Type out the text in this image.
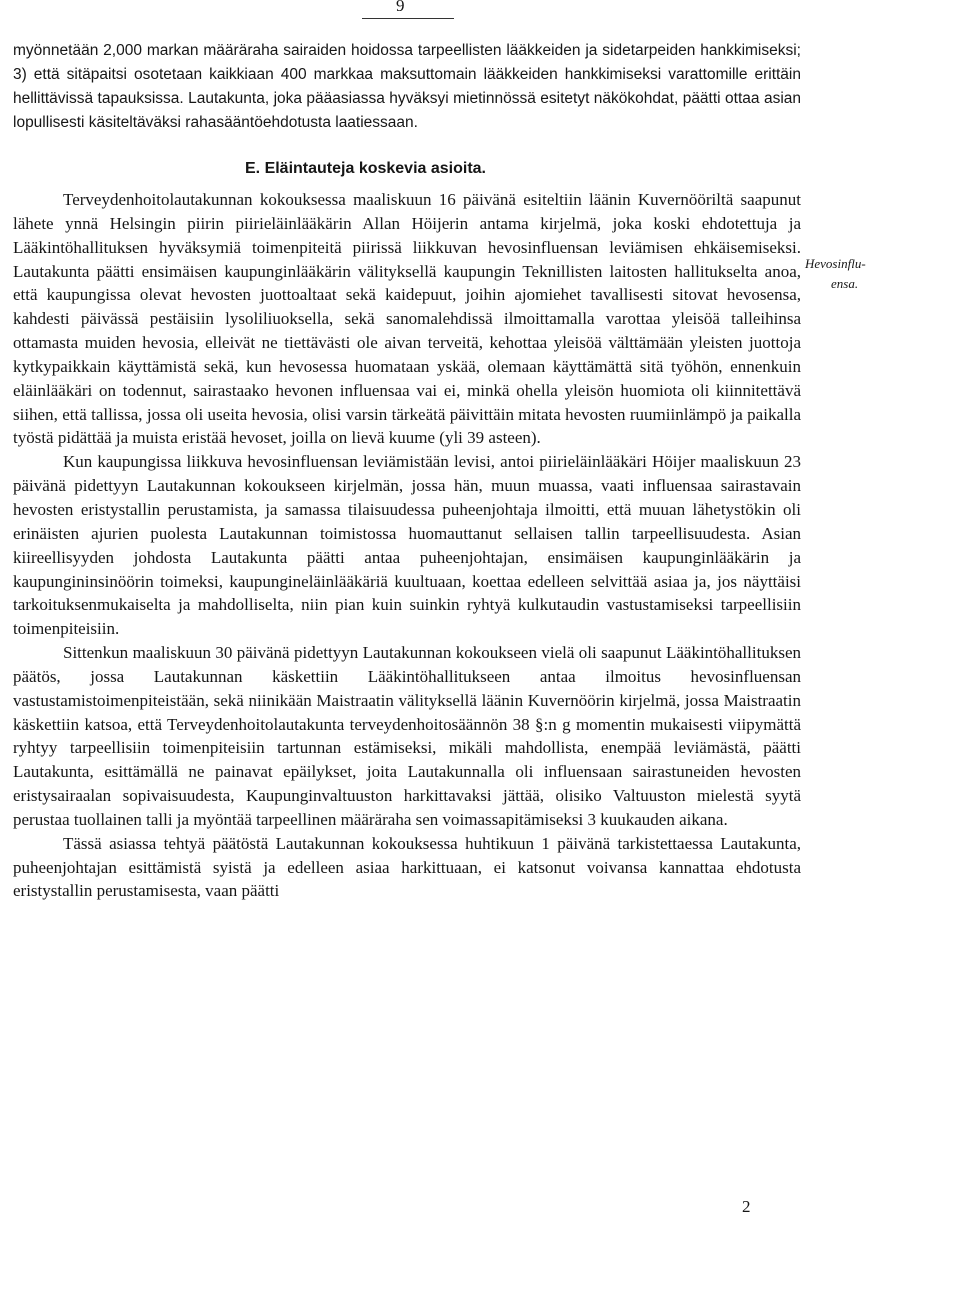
9

myönnetään 2,000 markan määräraha sairaiden hoidossa tarpeellisten lääkkeiden ja sidetarpeiden hankkimiseksi; 3) että sitäpaitsi osotetaan kaikkiaan 400 markkaa maksuttomain lääkkeiden hankkimiseksi varattomille erittäin hellittävissä tapauksissa. Lautakunta, joka pääasiassa hyväksyi mietinnössä esitetyt näkökohdat, päätti ottaa asian lopullisesti käsiteltäväksi rahasääntöehdotusta laatiessaan.

E. Eläintauteja koskevia asioita.

Terveydenhoitolautakunnan kokouksessa maaliskuun 16 päivänä esiteltiin läänin Kuvernööriltä saapunut lähete ynnä Helsingin piirin piirieläinlääkärin Allan Höijerin antama kirjelmä, joka koski ehdotettuja ja Lääkintöhallituksen hyväksymiä toimenpiteitä piirissä liikkuvan hevosinfluensan leviämisen ehkäisemiseksi. Lautakunta päätti ensimäisen kaupunginlääkärin välityksellä kaupungin Teknillisten laitosten hallitukselta anoa, että kaupungissa olevat hevosten juottoaltaat sekä kaidepuut, joihin ajomiehet tavallisesti sitovat hevosensa, kahdesti päivässä pestäisiin lysoliliuoksella, sekä sanomalehdissä ilmoittamalla varottaa yleisöä talleihinsa ottamasta muiden hevosia, elleivät ne tiettävästi ole aivan terveitä, kehottaa yleisöä välttämään yleisten juottoja kytkypaikkain käyttämistä sekä, kun hevosessa huomataan yskää, olemaan käyttämättä sitä työhön, ennenkuin eläinlääkäri on todennut, sairastaako hevonen influensaa vai ei, minkä ohella yleisön huomiota oli kiinnitettävä siihen, että tallissa, jossa oli useita hevosia, olisi varsin tärkeätä päivittäin mitata hevosten ruumiinlämpö ja paikalla työstä pidättää ja muista eristää hevoset, joilla on lievä kuume (yli 39 asteen).

Kun kaupungissa liikkuva hevosinfluensan leviämistään levisi, antoi piirieläinlääkäri Höijer maaliskuun 23 päivänä pidettyyn Lautakunnan kokoukseen kirjelmän, jossa hän, muun muassa, vaati influensaa sairastavain hevosten eristystallin perustamista, ja samassa tilaisuudessa puheenjohtaja ilmoitti, että muuan lähetystökin oli erinäisten ajurien puolesta Lautakunnan toimistossa huomauttanut sellaisen tallin tarpeellisuudesta. Asian kiireellisyyden johdosta Lautakunta päätti antaa puheenjohtajan, ensimäisen kaupunginlääkärin ja kaupungininsinöörin toimeksi, kaupungineläinlääkäriä kuultuaan, koettaa edelleen selvittää asiaa ja, jos näyttäisi tarkoituksenmukaiselta ja mahdolliselta, niin pian kuin suinkin ryhtyä kulkutaudin vastustamiseksi tarpeellisiin toimenpiteisiin.

Sittenkun maaliskuun 30 päivänä pidettyyn Lautakunnan kokoukseen vielä oli saapunut Lääkintöhallituksen päätös, jossa Lautakunnan käskettiin Lääkintöhallitukseen antaa ilmoitus hevosinfluensan vastustamistoimenpiteistään, sekä niinikään Maistraatin välityksellä läänin Kuvernöörin kirjelmä, jossa Maistraatin käskettiin katsoa, että Terveydenhoitolautakunta terveydenhoitosäännön 38 §:n g momentin mukaisesti viipymättä ryhtyy tarpeellisiin toimenpiteisiin tartunnan estämiseksi, mikäli mahdollista, enempää leviämästä, päätti Lautakunta, esittämällä ne painavat epäilykset, joita Lautakunnalla oli influensaan sairastuneiden hevosten eristysairaalan sopivaisuudesta, Kaupunginvaltuuston harkittavaksi jättää, olisiko Valtuuston mielestä syytä perustaa tuollainen talli ja myöntää tarpeellinen määräraha sen voimassapitämiseksi 3 kuukauden aikana.

Tässä asiassa tehtyä päätöstä Lautakunnan kokouksessa huhtikuun 1 päivänä tarkistettaessa Lautakunta, puheenjohtajan esittämistä syistä ja edelleen asiaa harkittuaan, ei katsonut voivansa kannattaa ehdotusta eristystallin perustamisesta, vaan päätti

Hevosinflu-
ensa.
2
